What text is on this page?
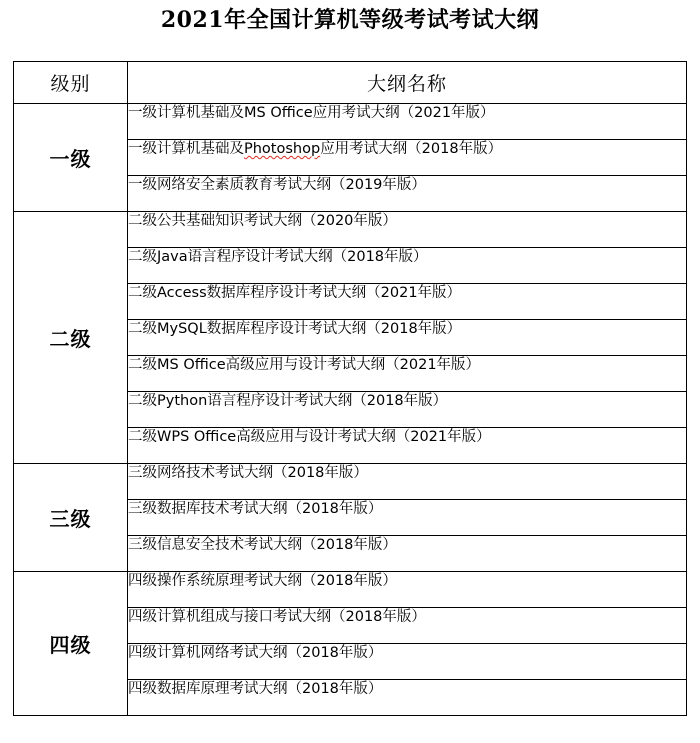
2021年全国计算机等级考试考试大纲
级别	大纲名称
一级	一级计算机基础及MS Office应用考试大纲（2021年版）
	一级计算机基础及Photoshop应用考试大纲（2018年版）
	一级网络安全素质教育考试大纲（2019年版）
二级	二级公共基础知识考试大纲（2020年版）
	二级Java语言程序设计考试大纲（2018年版）
	二级Access数据库程序设计考试大纲（2021年版）
	二级MySQL数据库程序设计考试大纲（2018年版）
	二级MS Office高级应用与设计考试大纲（2021年版）
	二级Python语言程序设计考试大纲（2018年版）
	二级WPS Office高级应用与设计考试大纲（2021年版）
三级	三级网络技术考试大纲（2018年版）
	三级数据库技术考试大纲（2018年版）
	三级信息安全技术考试大纲（2018年版）
四级	四级操作系统原理考试大纲（2018年版）
	四级计算机组成与接口考试大纲（2018年版）
	四级计算机网络考试大纲（2018年版）
	四级数据库原理考试大纲（2018年版）
